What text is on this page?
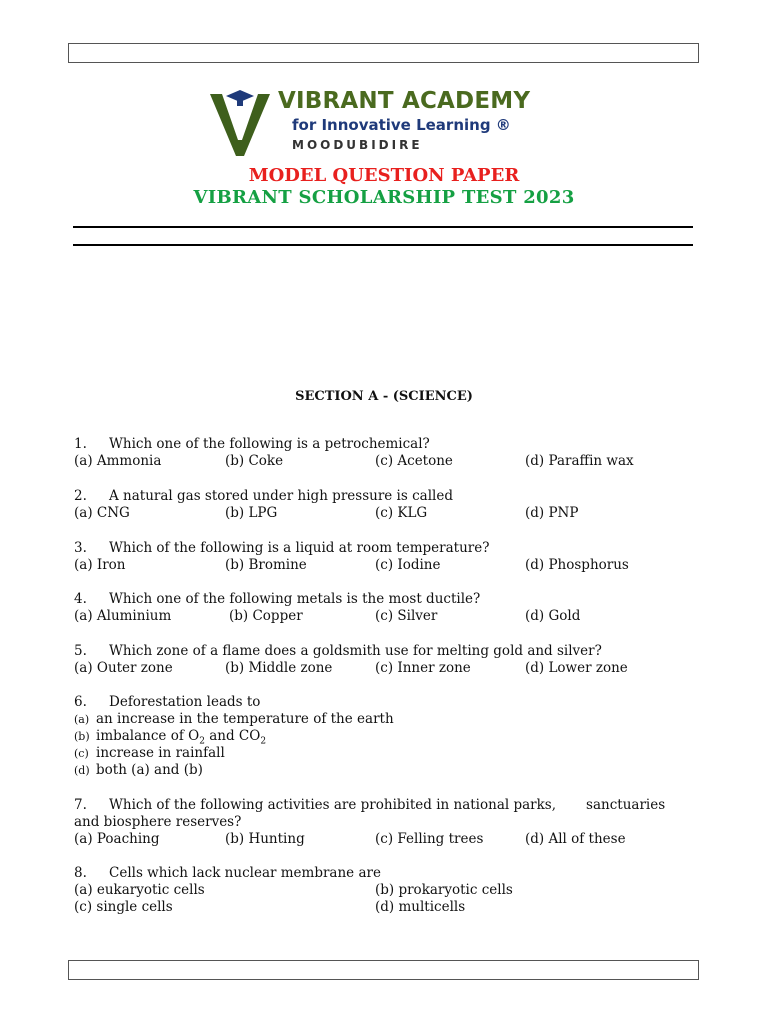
VIBRANT ACADEMY
for Innovative Learning ®
MOODUBIDIRE
MODEL QUESTION PAPER
VIBRANT SCHOLARSHIP TEST 2023
SECTION A - (SCIENCE)
1. Which one of the following is a petrochemical?
(a) Ammonia	(b) Coke	(c) Acetone	(d) Paraffin wax
2. A natural gas stored under high pressure is called
(a) CNG	(b) LPG	(c) KLG	(d) PNP
3. Which of the following is a liquid at room temperature?
(a) Iron	(b) Bromine	(c) Iodine	(d) Phosphorus
4. Which one of the following metals is the most ductile?
(a) Aluminium	(b) Copper	(c) Silver	(d) Gold
5. Which zone of a flame does a goldsmith use for melting gold and silver?
(a) Outer zone	(b) Middle zone	(c) Inner zone	(d) Lower zone
6. Deforestation leads to
(a) an increase in the temperature of the earth
(b) imbalance of $O_2$ and $CO_2$
(c) increase in rainfall
(d) both (a) and (b)
7. Which of the following activities are prohibited in national parks,       sanctuaries
and biosphere reserves?
(a) Poaching	(b) Hunting	(c) Felling trees	(d) All of these
8. Cells which lack nuclear membrane are
(a) eukaryotic cells	(b) prokaryotic cells
(c) single cells	(d) multicells
